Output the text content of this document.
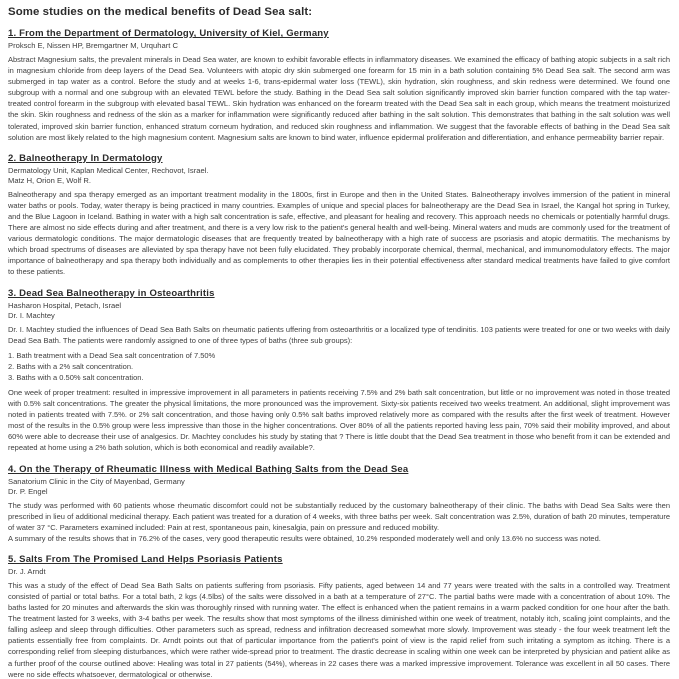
Some studies on the medical benefits of Dead Sea salt:
1. From the Department of Dermatology, University of Kiel, Germany

Proksch E, Nissen HP, Bremgartner M, Urquhart C

Abstract Magnesium salts, the prevalent minerals in Dead Sea water, are known to exhibit favorable effects in inflammatory diseases. We examined the efficacy of bathing atopic subjects in a salt rich in magnesium chloride from deep layers of the Dead Sea. Volunteers with atopic dry skin submerged one forearm for 15 min in a bath solution containing 5% Dead Sea salt. The second arm was submerged in tap water as a control. Before the study and at weeks 1-6, trans-epidermal water loss (TEWL), skin hydration, skin roughness, and skin redness were determined. We found one subgroup with a normal and one subgroup with an elevated TEWL before the study. Bathing in the Dead Sea salt solution significantly improved skin barrier function compared with the tap water-treated control forearm in the subgroup with elevated basal TEWL. Skin hydration was enhanced on the forearm treated with the Dead Sea salt in each group, which means the treatment moisturized the skin. Skin roughness and redness of the skin as a marker for inflammation were significantly reduced after bathing in the salt solution. This demonstrates that bathing in the salt solution was well tolerated, improved skin barrier function, enhanced stratum corneum hydration, and reduced skin roughness and inflammation. We suggest that the favorable effects of bathing in the Dead Sea salt solution are most likely related to the high magnesium content. Magnesium salts are known to bind water, influence epidermal proliferation and differentiation, and enhance permeability barrier repair.

2. Balneotherapy In Dermatology

Dermatology Unit, Kaplan Medical Center, Rechovot, Israel.

Matz H, Orion E, Wolf R.

Balneotherapy and spa therapy emerged as an important treatment modality in the 1800s, first in Europe and then in the United States. Balneotherapy involves immersion of the patient in mineral water baths or pools. Today, water therapy is being practiced in many countries. Examples of unique and special places for balneotherapy are the Dead Sea in Israel, the Kangal hot spring in Turkey, and the Blue Lagoon in Iceland. Bathing in water with a high salt concentration is safe, effective, and pleasant for healing and recovery. This approach needs no chemicals or potentially harmful drugs. There are almost no side effects during and after treatment, and there is a very low risk to the patient's general health and well-being. Mineral waters and muds are commonly used for the treatment of various dermatologic conditions. The major dermatologic diseases that are frequently treated by balneotherapy with a high rate of success are psoriasis and atopic dermatitis. The mechanisms by which broad spectrums of diseases are alleviated by spa therapy have not been fully elucidated. They probably incorporate chemical, thermal, mechanical, and immunomodulatory effects. The major importance of balneotherapy and spa therapy both individually and as complements to other therapies lies in their potential effectiveness after standard medical treatments have failed to give comfort to these patients.

3. Dead Sea Balneotherapy in Osteoarthritis

Hasharon Hospital, Petach, Israel

Dr. I. Machtey

Dr. I. Machtey studied the influences of Dead Sea Bath Salts on rheumatic patients uffering from osteoarthritis or a localized type of tendinitis. 103 patients were treated for one or two weeks with daily Dead Sea Bath. The patients were randomly assigned to one of three types of baths (three sub groups):

1. Bath treatment with a Dead Sea salt concentration of 7.50%

2. Baths with a 2% salt concentration.

3. Baths with a 0.50% salt concentration.

One week of proper treatment: resulted in impressive improvement in all parameters in patients receiving 7.5% and 2% bath salt concentration, but little or no improvement was noted in those treated with 0.5% salt concentrations. The greater the physical limitations, the more pronounced was the improvement. Sixty-six patients received two weeks treatment. An additional, slight improvement was noted in patients treated with 7.5%. or 2% salt concentration, and those having only 0.5% salt baths improved relatively more as compared with the results after the first week of treatment. However most of the results in the 0.5% group were less impressive than those in the higher concentrations. Over 80% of all the patients reported having less pain, 70% said their mobility improved, and about 60% were able to decrease their use of analgesics. Dr. Machtey concludes his study by stating that ? There is little doubt that the Dead Sea treatment in those who benefit from it can be extended and repeated at home using a 2% bath solution, which is both economical and readily available?.

4. On the Therapy of Rheumatic Illness with Medical Bathing Salts from the Dead Sea

Sanatorium Clinic in the City of Mayenbad, Germany

Dr. P. Engel

The study was performed with 60 patients whose rheumatic discomfort could not be substantially reduced by the customary balneotherapy of their clinic. The baths with Dead Sea Salts were then prescribed in lieu of additional medicinal therapy. Each patient was treated for a duration of 4 weeks, with three baths per week. Salt concentration was 2.5%, duration of bath 20 minutes, temperature of water 37 °C. Parameters examined included: Pain at rest, spontaneous pain, kinesalgia, pain on pressure and reduced mobility.

A summary of the results shows that in 76.2% of the cases, very good therapeutic results were obtained, 10.2% responded moderately well and only 13.6% no success was noted.

5. Salts From The Promised Land Helps Psoriasis Patients

Dr. J. Arndt

This was a study of the effect of Dead Sea Bath Salts on patients suffering from psoriasis. Fifty patients, aged between 14 and 77 years were treated with the salts in a controlled way. Treatment consisted of partial or total baths. For a total bath, 2 kgs (4.5lbs) of the salts were dissolved in a bath at a temperature of 27°C. The partial baths were made with a concentration of about 10%. The baths lasted for 20 minutes and afterwards the skin was thoroughly rinsed with running water. The effect is enhanced when the patient remains in a warm packed condition for one hour after the bath. The treatment lasted for 3 weeks, with 3-4 baths per week. The results show that most symptoms of the illness diminished within one week of treatment, notably itch, scaling joint complaints, and the falling asleep and sleep through difficulties. Other parameters such as spread, redness and infiltration decreased somewhat more slowly. Improvement was steady - the four week treatment left the patients essentially free from complaints. Dr. Arndt points out that of particular importance from the patient's point of view is the rapid relief from such irritating a symptom as itching. There is a corresponding relief from sleeping disturbances, which were rather wide-spread prior to treatment. The drastic decrease in scaling within one week can be interpreted by physician and patient alike as a further proof of the course outlined above: Healing was total in 27 patients (54%), whereas in 22 cases there was a marked impressive improvement. Tolerance was excellent in all 50 cases. There were no side effects whatsoever, dermatological or otherwise.
